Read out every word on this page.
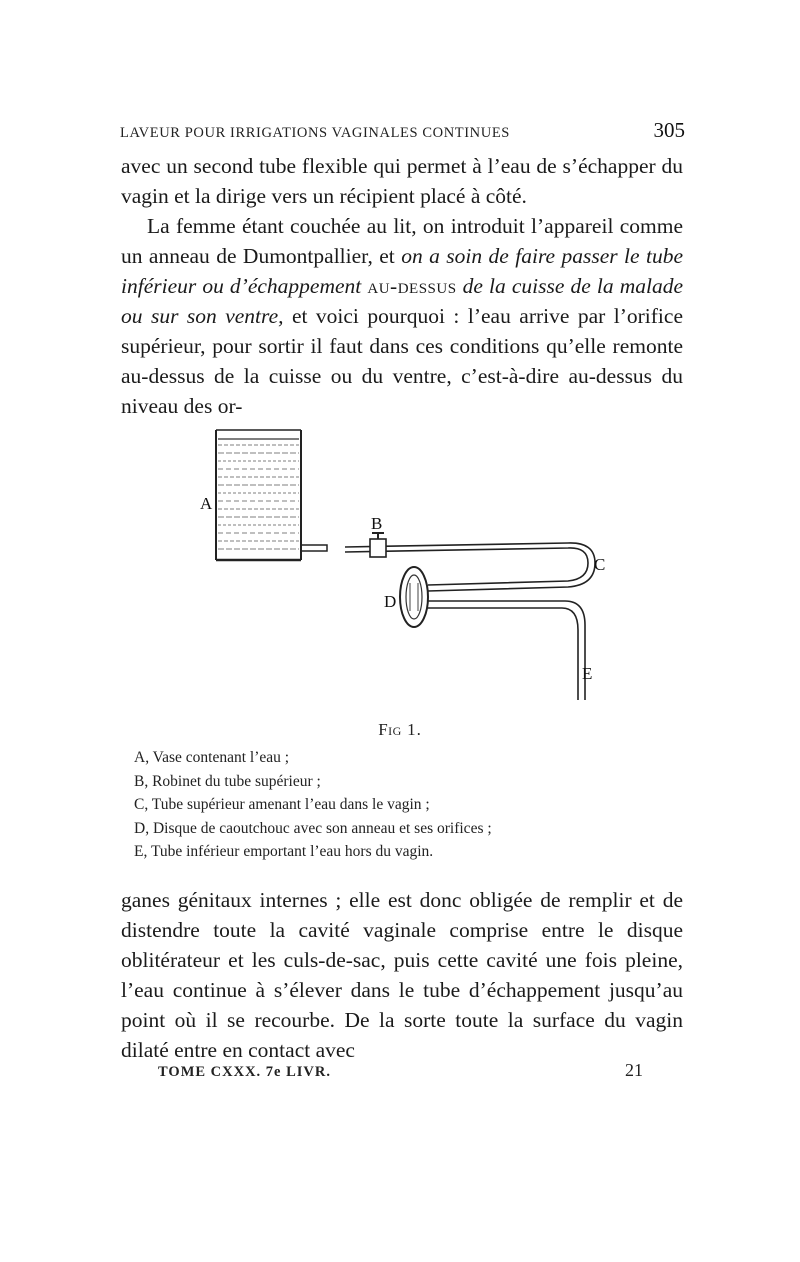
LAVEUR POUR IRRIGATIONS VAGINALES CONTINUES	305

avec un second tube flexible qui permet à l’eau de s’échapper du vagin et la dirige vers un récipient placé à côté.

La femme étant couchée au lit, on introduit l’appareil comme un anneau de Dumontpallier, et on a soin de faire passer le tube inférieur ou d’échappement au-dessus de la cuisse de la malade ou sur son ventre, et voici pourquoi : l’eau arrive par l’orifice supérieur, pour sortir il faut dans ces conditions qu’elle remonte au-dessus de la cuisse ou du ventre, c’est-à-dire au-dessus du niveau des or-

A
B
C
D
E
Fig 1.
A, Vase contenant l’eau ;
B, Robinet du tube supérieur ;
C, Tube supérieur amenant l’eau dans le vagin ;
D, Disque de caoutchouc avec son anneau et ses orifices ;
E, Tube inférieur emportant l’eau hors du vagin.

ganes génitaux internes ; elle est donc obligée de remplir et de distendre toute la cavité vaginale comprise entre le disque oblitérateur et les culs-de-sac, puis cette cavité une fois pleine, l’eau continue à s’élever dans le tube d’échappement jusqu’au point où il se recourbe. De la sorte toute la surface du vagin dilaté entre en contact avec

TOME CXXX. 7e LIVR.	21
